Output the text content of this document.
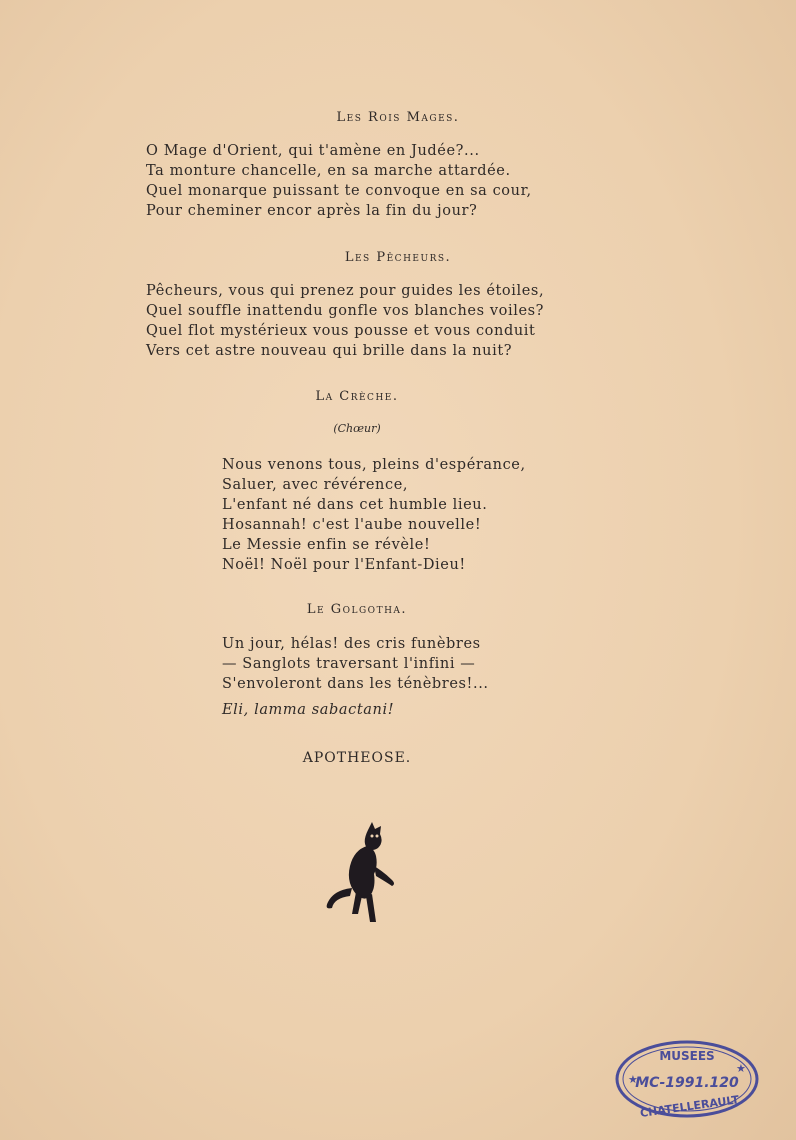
Les Rois Mages.
O Mage d'Orient, qui t'amène en Judée?...
Ta monture chancelle, en sa marche attardée.
Quel monarque puissant te convoque en sa cour,
Pour cheminer encor après la fin du jour?
Les Pêcheurs.
Pêcheurs, vous qui prenez pour guides les étoiles,
Quel souffle inattendu gonfle vos blanches voiles?
Quel flot mystérieux vous pousse et vous conduit
Vers cet astre nouveau qui brille dans la nuit?
La Crèche.
(Chœur)
Nous venons tous, pleins d'espérance,
Saluer, avec révérence,
L'enfant né dans cet humble lieu.
Hosannah! c'est l'aube nouvelle!
Le Messie enfin se révèle!
Noël! Noël pour l'Enfant-Dieu!
Le Golgotha.
Un jour, hélas! des cris funèbres
— Sanglots traversant l'infini —
S'envoleront dans les ténèbres!...
Eli, lamma sabactani!
APOTHEOSE.
MUSEES
MC-1991.120
CHATELLERAULT
★
★
